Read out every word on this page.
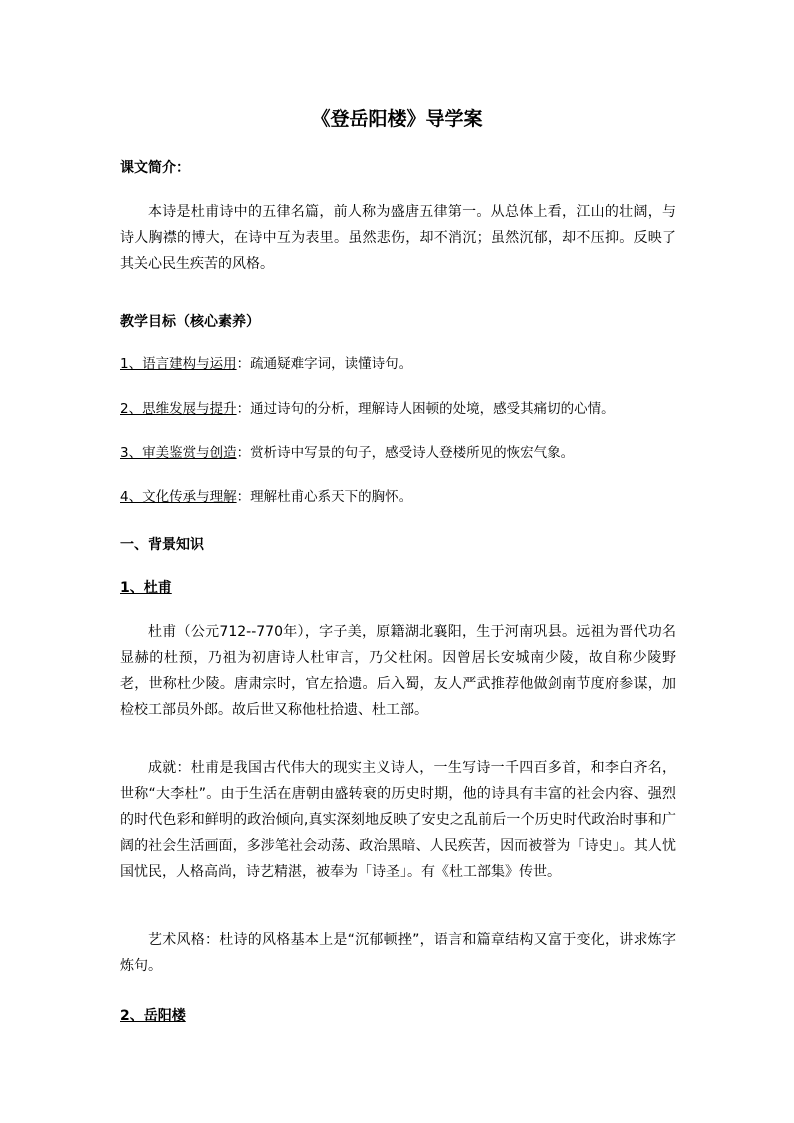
《登岳阳楼》导学案
课文简介：
本诗是杜甫诗中的五律名篇，前人称为盛唐五律第一。从总体上看，江山的壮阔，与诗人胸襟的博大，在诗中互为表里。虽然悲伤，却不消沉；虽然沉郁，却不压抑。反映了其关心民生疾苦的风格。
教学目标（核心素养）
1、语言建构与运用：疏通疑难字词，读懂诗句。
2、思维发展与提升：通过诗句的分析，理解诗人困顿的处境，感受其痛切的心情。
3、审美鉴赏与创造：赏析诗中写景的句子，感受诗人登楼所见的恢宏气象。
4、文化传承与理解：理解杜甫心系天下的胸怀。
一、背景知识
1、杜甫
杜甫（公元712--770年），字子美，原籍湖北襄阳，生于河南巩县。远祖为晋代功名显赫的杜预，乃祖为初唐诗人杜审言，乃父杜闲。因曾居长安城南少陵，故自称少陵野老，世称杜少陵。唐肃宗时，官左拾遗。后入蜀，友人严武推荐他做剑南节度府参谋，加检校工部员外郎。故后世又称他杜拾遗、杜工部。
成就：杜甫是我国古代伟大的现实主义诗人，一生写诗一千四百多首，和李白齐名，世称“大李杜”。由于生活在唐朝由盛转衰的历史时期，他的诗具有丰富的社会内容、强烈的时代色彩和鲜明的政治倾向,真实深刻地反映了安史之乱前后一个历史时代政治时事和广阔的社会生活画面，多涉笔社会动荡、政治黑暗、人民疾苦，因而被誉为「诗史」。其人忧国忧民，人格高尚，诗艺精湛，被奉为「诗圣」。有《杜工部集》传世。
艺术风格：杜诗的风格基本上是“沉郁顿挫”，语言和篇章结构又富于变化，讲求炼字炼句。
2、岳阳楼
